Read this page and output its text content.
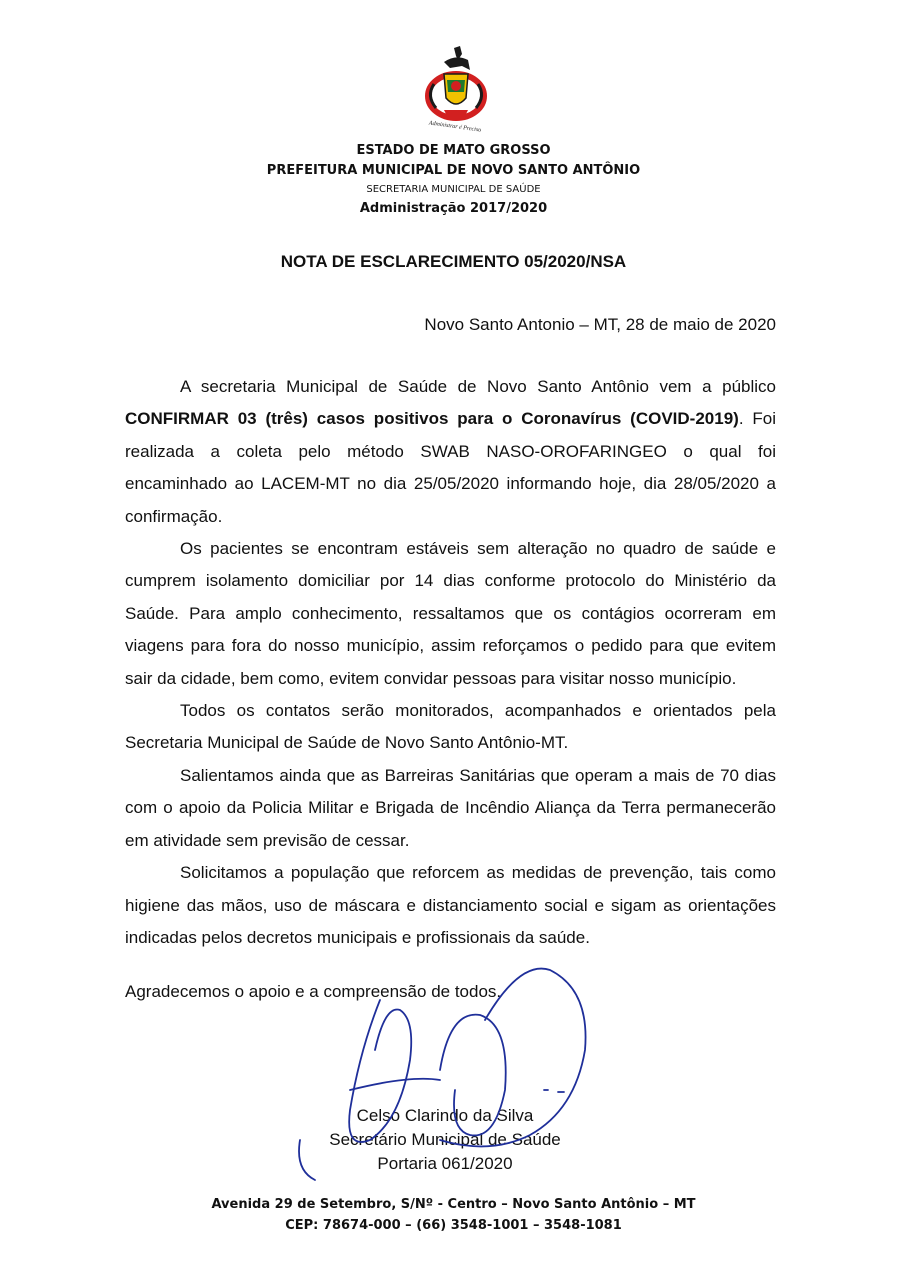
Administrar é Preciso
ESTADO DE MATO GROSSO
PREFEITURA MUNICIPAL DE NOVO SANTO ANTÔNIO
SECRETARIA MUNICIPAL DE SAÚDE
Administração 2017/2020
NOTA DE ESCLARECIMENTO 05/2020/NSA
Novo Santo Antonio – MT, 28 de maio de 2020

A secretaria Municipal de Saúde de Novo Santo Antônio vem a público CONFIRMAR 03 (três) casos positivos para o Coronavírus (COVID-2019). Foi realizada a coleta pelo método SWAB NASO-OROFARINGEO o qual foi encaminhado ao LACEM-MT no dia 25/05/2020 informando hoje, dia 28/05/2020 a confirmação.

Os pacientes se encontram estáveis sem alteração no quadro de saúde e cumprem isolamento domiciliar por 14 dias conforme protocolo do Ministério da Saúde. Para amplo conhecimento, ressaltamos que os contágios ocorreram em viagens para fora do nosso município, assim reforçamos o pedido para que evitem sair da cidade, bem como, evitem convidar pessoas para visitar nosso município.

Todos os contatos serão monitorados, acompanhados e orientados pela Secretaria Municipal de Saúde de Novo Santo Antônio-MT.

Salientamos ainda que as Barreiras Sanitárias que operam a mais de 70 dias com o apoio da Policia Militar e Brigada de Incêndio Aliança da Terra permanecerão em atividade sem previsão de cessar.

Solicitamos a população que reforcem as medidas de prevenção, tais como higiene das mãos, uso de máscara e distanciamento social e sigam as orientações indicadas pelos decretos municipais e profissionais da saúde.

Agradecemos o apoio e a compreensão de todos.
Celso Clarindo da Silva
Secretário Municipal de Saúde
Portaria 061/2020
Avenida 29 de Setembro, S/Nº - Centro – Novo Santo Antônio – MT
CEP: 78674-000 – (66) 3548-1001 – 3548-1081
